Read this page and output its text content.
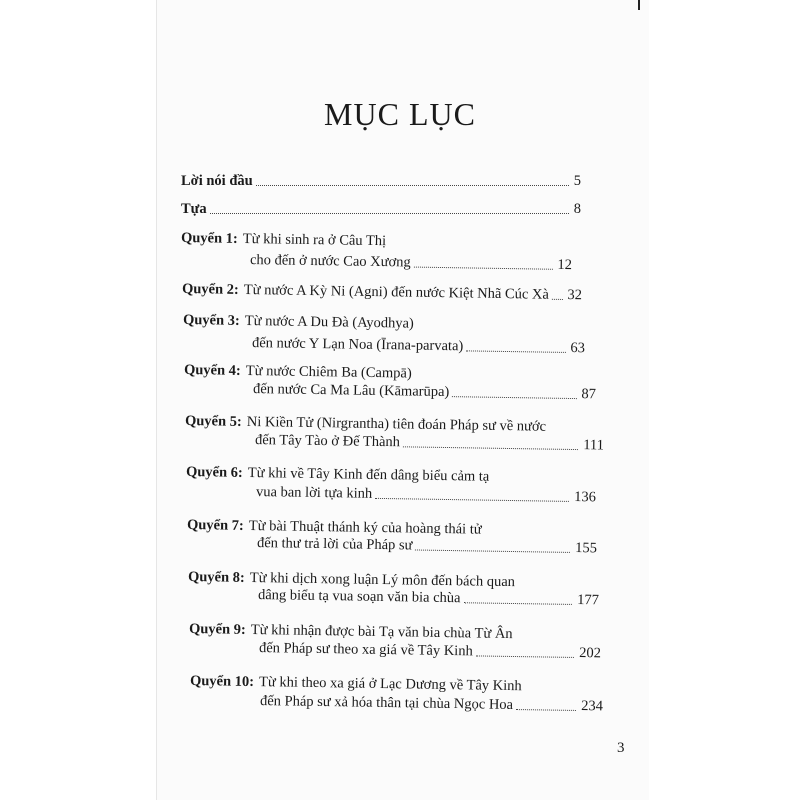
MỤC LỤC
Lời nói đầu	5
Tựa	8
Quyển 1: Từ khi sinh ra ở Câu Thị
cho đến ở nước Cao Xương	12
Quyển 2: Từ nước A Kỳ Ni (Agni) đến nước Kiệt Nhã Cúc Xà 32
Quyển 3: Từ nước A Du Đà (Ayodhya)
đến nước Y Lạn Noa (Īrana-parvata)	63
Quyển 4: Từ nước Chiêm Ba (Campā)
đến nước Ca Ma Lâu (Kāmarūpa)	87
Quyển 5: Ni Kiền Tử (Nirgrantha) tiên đoán Pháp sư về nước
đến Tây Tào ở Đế Thành	111
Quyển 6: Từ khi về Tây Kinh đến dâng biểu cảm tạ
vua ban lời tựa kinh	136
Quyển 7: Từ bài Thuật thánh ký của hoàng thái tử
đến thư trả lời của Pháp sư	155
Quyển 8: Từ khi dịch xong luận Lý môn đến bách quan
dâng biểu tạ vua soạn văn bia chùa	177
Quyển 9: Từ khi nhận được bài Tạ văn bia chùa Từ Ân
đến Pháp sư theo xa giá về Tây Kinh	202
Quyển 10: Từ khi theo xa giá ở Lạc Dương về Tây Kinh
đến Pháp sư xả hóa thân tại chùa Ngọc Hoa	234
3
